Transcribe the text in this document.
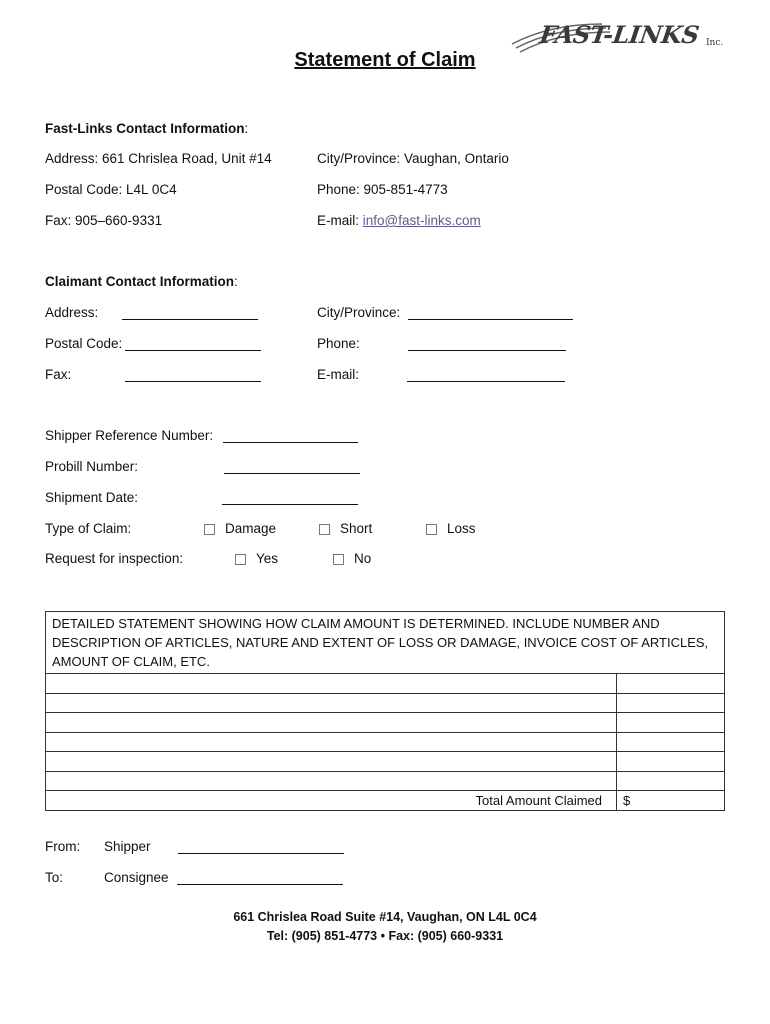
FAST-LINKS Inc.
Statement of Claim
Fast-Links Contact Information:
Address: 661 Chrislea Road, Unit #14	City/Province: Vaughan, Ontario
Postal Code: L4L 0C4	Phone: 905-851-4773
Fax: 905–660-9331	E-mail: info@fast-links.com
Claimant Contact Information:
Address:	City/Province:
Postal Code:	Phone:
Fax:	E-mail:
Shipper Reference Number:
Probill Number:
Shipment Date:
Type of Claim:	Damage	Short	Loss
Request for inspection:	Yes	No
DETAILED STATEMENT SHOWING HOW CLAIM AMOUNT IS DETERMINED. INCLUDE NUMBER AND DESCRIPTION OF ARTICLES, NATURE AND EXTENT OF LOSS OR DAMAGE, INVOICE COST OF ARTICLES, AMOUNT OF CLAIM, ETC.	

Total Amount Claimed	$
From: Shipper
To:	Consignee
661 Chrislea Road Suite #14, Vaughan, ON L4L 0C4
Tel: (905) 851-4773 • Fax: (905) 660-9331
